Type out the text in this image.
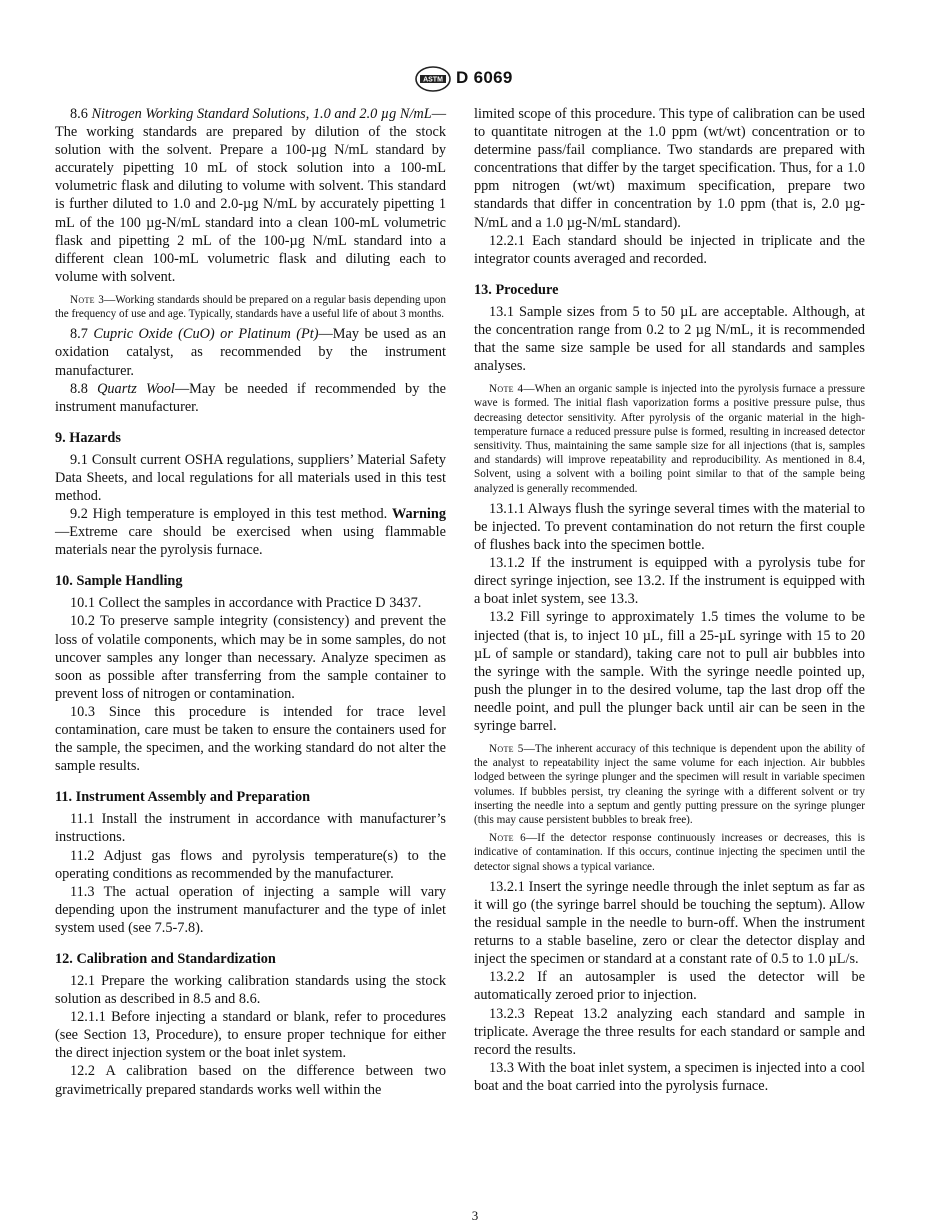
ASTM D 6069

8.6 Nitrogen Working Standard Solutions, 1.0 and 2.0 µg N/mL—The working standards are prepared by dilution of the stock solution with the solvent. Prepare a 100-µg N/mL standard by accurately pipetting 10 mL of stock solution into a 100-mL volumetric flask and diluting to volume with solvent. This standard is further diluted to 1.0 and 2.0-µg N/mL by accurately pipetting 1 mL of the 100 µg-N/mL standard into a clean 100-mL volumetric flask and pipetting 2 mL of the 100-µg N/mL standard into a different clean 100-mL volumetric flask and diluting each to volume with solvent.

Note 3—Working standards should be prepared on a regular basis depending upon the frequency of use and age. Typically, standards have a useful life of about 3 months.

8.7 Cupric Oxide (CuO) or Platinum (Pt)—May be used as an oxidation catalyst, as recommended by the instrument manufacturer.

8.8 Quartz Wool—May be needed if recommended by the instrument manufacturer.

9. Hazards

9.1 Consult current OSHA regulations, suppliers’ Material Safety Data Sheets, and local regulations for all materials used in this test method.

9.2 High temperature is employed in this test method. Warning—Extreme care should be exercised when using flammable materials near the pyrolysis furnace.

10. Sample Handling

10.1 Collect the samples in accordance with Practice D 3437.

10.2 To preserve sample integrity (consistency) and prevent the loss of volatile components, which may be in some samples, do not uncover samples any longer than necessary. Analyze specimen as soon as possible after transferring from the sample container to prevent loss of nitrogen or contamination.

10.3 Since this procedure is intended for trace level contamination, care must be taken to ensure the containers used for the sample, the specimen, and the working standard do not alter the sample results.

11. Instrument Assembly and Preparation

11.1 Install the instrument in accordance with manufacturer’s instructions.

11.2 Adjust gas flows and pyrolysis temperature(s) to the operating conditions as recommended by the manufacturer.

11.3 The actual operation of injecting a sample will vary depending upon the instrument manufacturer and the type of inlet system used (see 7.5-7.8).

12. Calibration and Standardization

12.1 Prepare the working calibration standards using the stock solution as described in 8.5 and 8.6.

12.1.1 Before injecting a standard or blank, refer to procedures (see Section 13, Procedure), to ensure proper technique for either the direct injection system or the boat inlet system.

12.2 A calibration based on the difference between two gravimetrically prepared standards works well within the

limited scope of this procedure. This type of calibration can be used to quantitate nitrogen at the 1.0 ppm (wt/wt) concentration or to determine pass/fail compliance. Two standards are prepared with concentrations that differ by the target specification. Thus, for a 1.0 ppm nitrogen (wt/wt) maximum specification, prepare two standards that differ in concentration by 1.0 ppm (that is, 2.0 µg-N/mL and a 1.0 µg-N/mL standard).

12.2.1 Each standard should be injected in triplicate and the integrator counts averaged and recorded.

13. Procedure

13.1 Sample sizes from 5 to 50 µL are acceptable. Although, at the concentration range from 0.2 to 2 µg N/mL, it is recommended that the same size sample be used for all standards and samples analyses.

Note 4—When an organic sample is injected into the pyrolysis furnace a pressure wave is formed. The initial flash vaporization forms a positive pressure pulse, thus decreasing detector sensitivity. After pyrolysis of the organic material in the high-temperature furnace a reduced pressure pulse is formed, resulting in increased detector sensitivity. Thus, maintaining the same sample size for all injections (that is, samples and standards) will improve repeatability and reproducibility. As mentioned in 8.4, Solvent, using a solvent with a boiling point similar to that of the sample being analyzed is generally recommended.

13.1.1 Always flush the syringe several times with the material to be injected. To prevent contamination do not return the first couple of flushes back into the specimen bottle.

13.1.2 If the instrument is equipped with a pyrolysis tube for direct syringe injection, see 13.2. If the instrument is equipped with a boat inlet system, see 13.3.

13.2 Fill syringe to approximately 1.5 times the volume to be injected (that is, to inject 10 µL, fill a 25-µL syringe with 15 to 20 µL of sample or standard), taking care not to pull air bubbles into the syringe with the sample. With the syringe needle pointed up, push the plunger in to the desired volume, tap the last drop off the needle point, and pull the plunger back until air can be seen in the syringe barrel.

Note 5—The inherent accuracy of this technique is dependent upon the ability of the analyst to repeatability inject the same volume for each injection. Air bubbles lodged between the syringe plunger and the specimen will result in variable specimen volumes. If bubbles persist, try cleaning the syringe with a different solvent or try inserting the needle into a septum and gently putting pressure on the syringe plunger (this may cause persistent bubbles to break free).
Note 6—If the detector response continuously increases or decreases, this is indicative of contamination. If this occurs, continue injecting the specimen until the detector signal shows a typical variance.

13.2.1 Insert the syringe needle through the inlet septum as far as it will go (the syringe barrel should be touching the septum). Allow the residual sample in the needle to burn-off. When the instrument returns to a stable baseline, zero or clear the detector display and inject the specimen or standard at a constant rate of 0.5 to 1.0 µL/s.

13.2.2 If an autosampler is used the detector will be automatically zeroed prior to injection.

13.2.3 Repeat 13.2 analyzing each standard and sample in triplicate. Average the three results for each standard or sample and record the results.

13.3 With the boat inlet system, a specimen is injected into a cool boat and the boat carried into the pyrolysis furnace.

3
